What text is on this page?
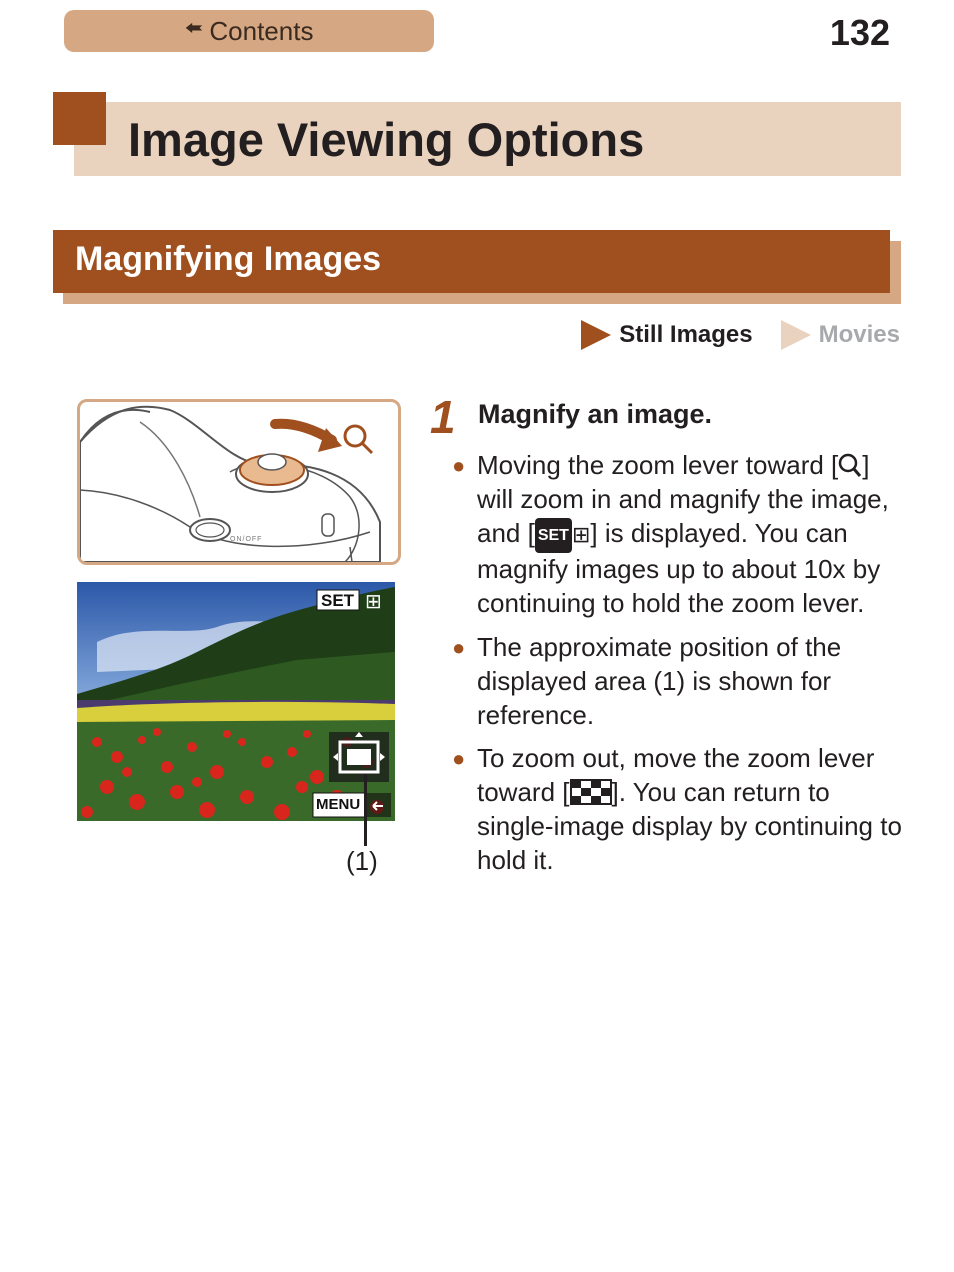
🢘 Contents	132
Image Viewing Options
Magnifying Images
Still Images	Movies
ON/OFF
SET ⊞
MENU
(1)
1 Magnify an image.
● Moving the zoom lever toward [ ] will zoom in and magnify the image, and [ SET ⊞] is displayed. You can magnify images up to about 10x by continuing to hold the zoom lever.
● The approximate position of the displayed area (1) is shown for reference.
● To zoom out, move the zoom lever toward [ ]. You can return to single-image display by continuing to hold it.
